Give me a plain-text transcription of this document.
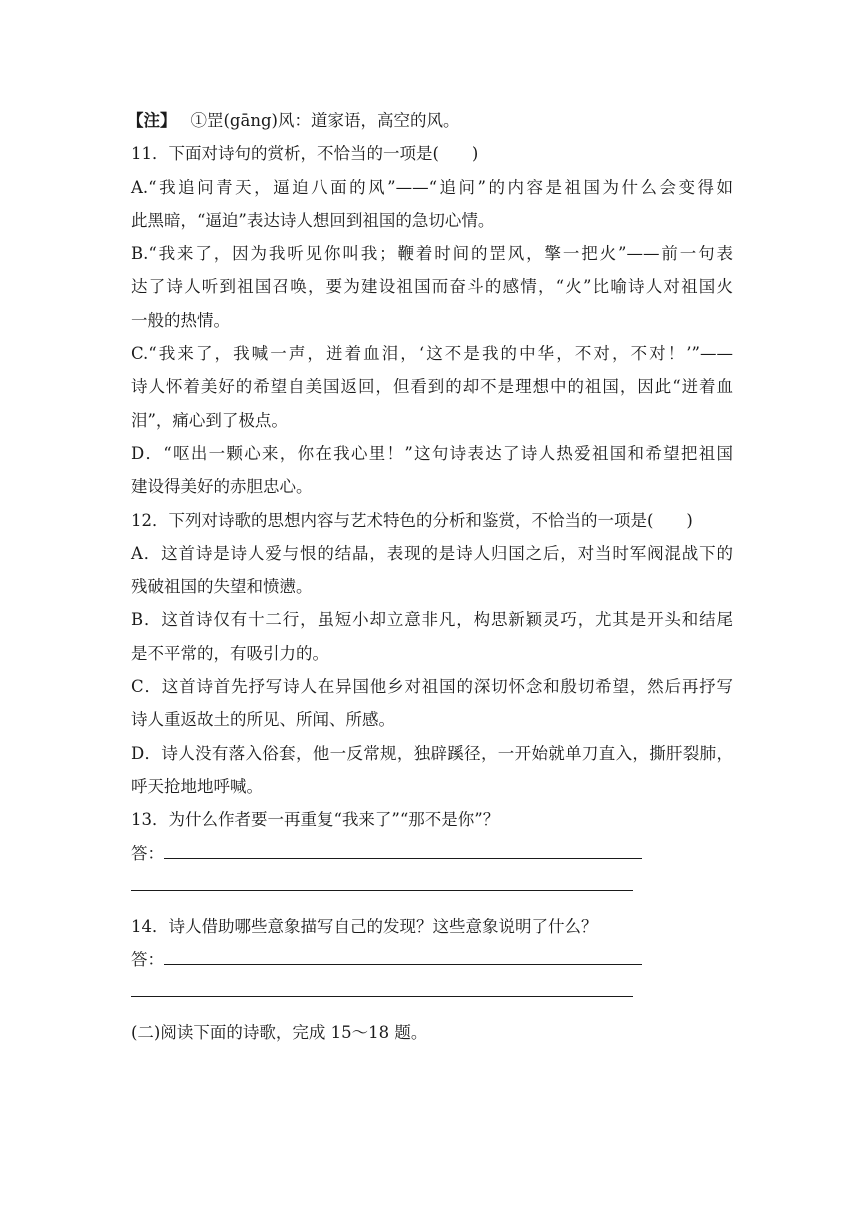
【注】 ①罡(gāng)风：道家语，高空的风。
11．下面对诗句的赏析，不恰当的一项是(　　)
A.“我追问青天，逼迫八面的风”——“追问”的内容是祖国为什么会变得如
此黑暗，“逼迫”表达诗人想回到祖国的急切心情。
B.“我来了，因为我听见你叫我；鞭着时间的罡风，擎一把火”——前一句表
达了诗人听到祖国召唤，要为建设祖国而奋斗的感情，“火”比喻诗人对祖国火
一般的热情。
C.“我来了，我喊一声，迸着血泪，‘这不是我的中华，不对，不对！’”——
诗人怀着美好的希望自美国返回，但看到的却不是理想中的祖国，因此“迸着血
泪”，痛心到了极点。
D．“呕出一颗心来，你在我心里！”这句诗表达了诗人热爱祖国和希望把祖国
建设得美好的赤胆忠心。
12．下列对诗歌的思想内容与艺术特色的分析和鉴赏，不恰当的一项是(　　)
A．这首诗是诗人爱与恨的结晶，表现的是诗人归国之后，对当时军阀混战下的
残破祖国的失望和愤懑。
B．这首诗仅有十二行，虽短小却立意非凡，构思新颖灵巧，尤其是开头和结尾
是不平常的，有吸引力的。
C．这首诗首先抒写诗人在异国他乡对祖国的深切怀念和殷切希望，然后再抒写
诗人重返故土的所见、所闻、所感。
D．诗人没有落入俗套，他一反常规，独辟蹊径，一开始就单刀直入，撕肝裂肺，
呼天抢地地呼喊。
13．为什么作者要一再重复“我来了”“那不是你”？
答：
14．诗人借助哪些意象描写自己的发现？这些意象说明了什么？
答：
(二)阅读下面的诗歌，完成 15～18 题。
